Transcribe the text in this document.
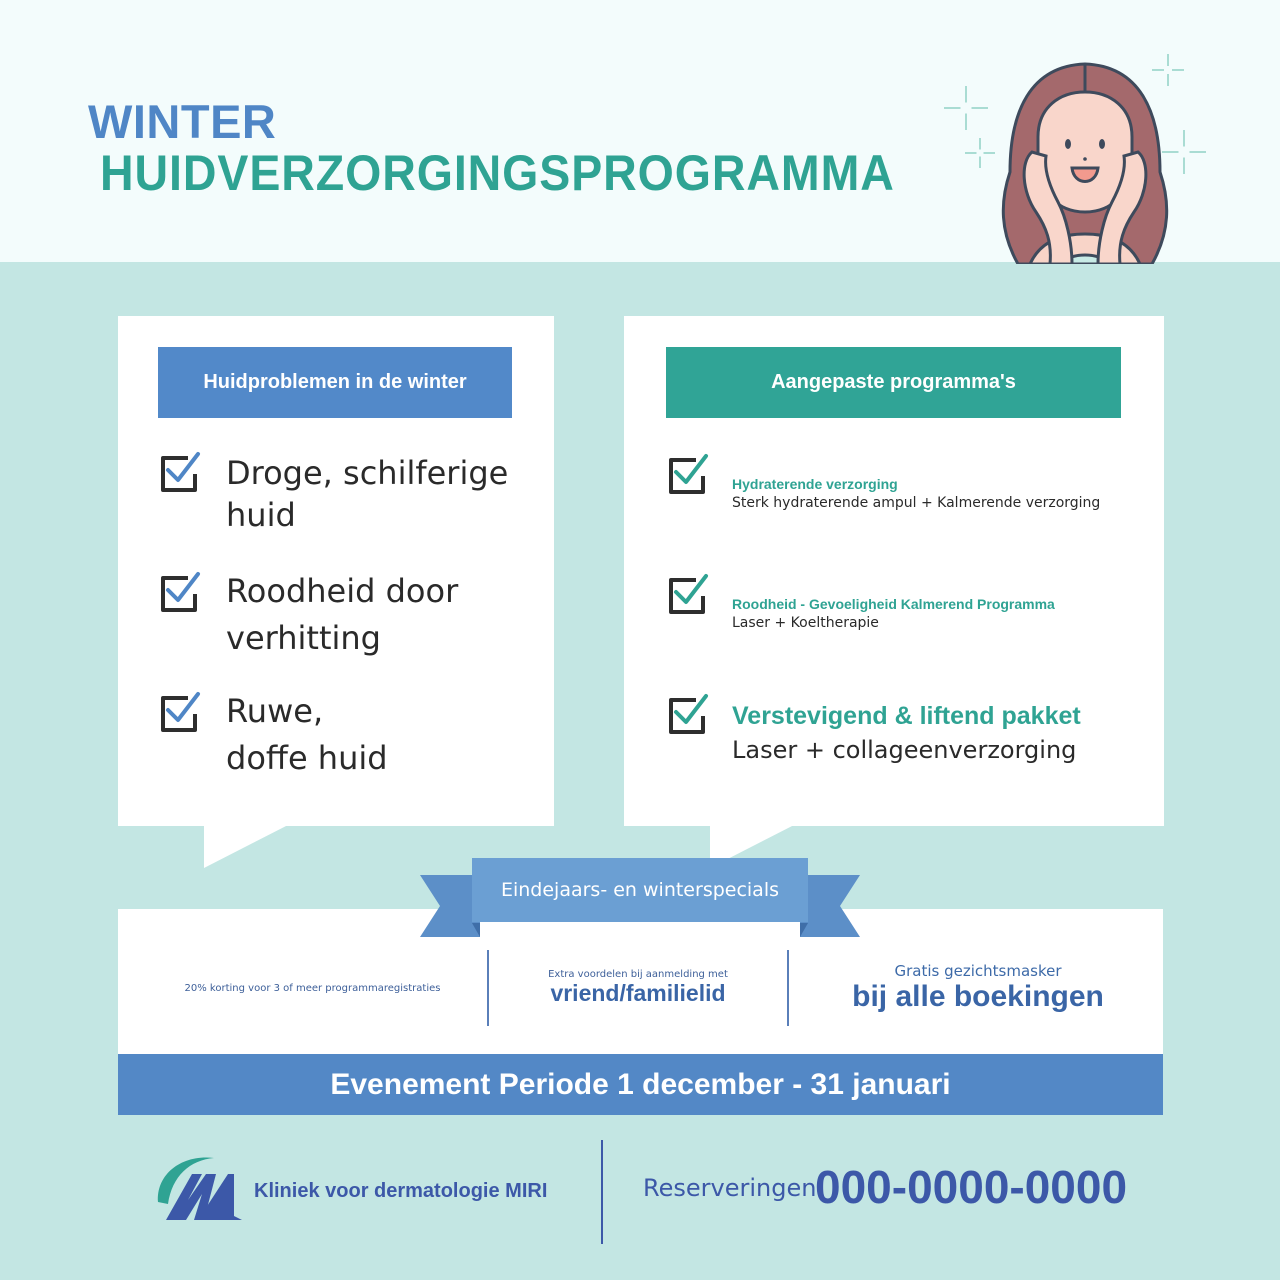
WINTER
HUIDVERZORGINGSPROGRAMMA
Huidproblemen in de winter
Droge, schilferige
huid
Roodheid door
verhitting
Ruwe,
doffe huid
Aangepaste programma's
Hydraterende verzorging
Sterk hydraterende ampul + Kalmerende verzorging
Roodheid - Gevoeligheid Kalmerend Programma
Laser + Koeltherapie
Verstevigend & liftend pakket
Laser + collageenverzorging
Eindejaars- en winterspecials
20% korting voor 3 of meer programmaregistraties
Extra voordelen bij aanmelding met
vriend/familielid
Gratis gezichtsmasker
bij alle boekingen
Evenement Periode 1 december - 31 januari
Kliniek voor dermatologie MIRI	Reserveringen
000-0000-0000
